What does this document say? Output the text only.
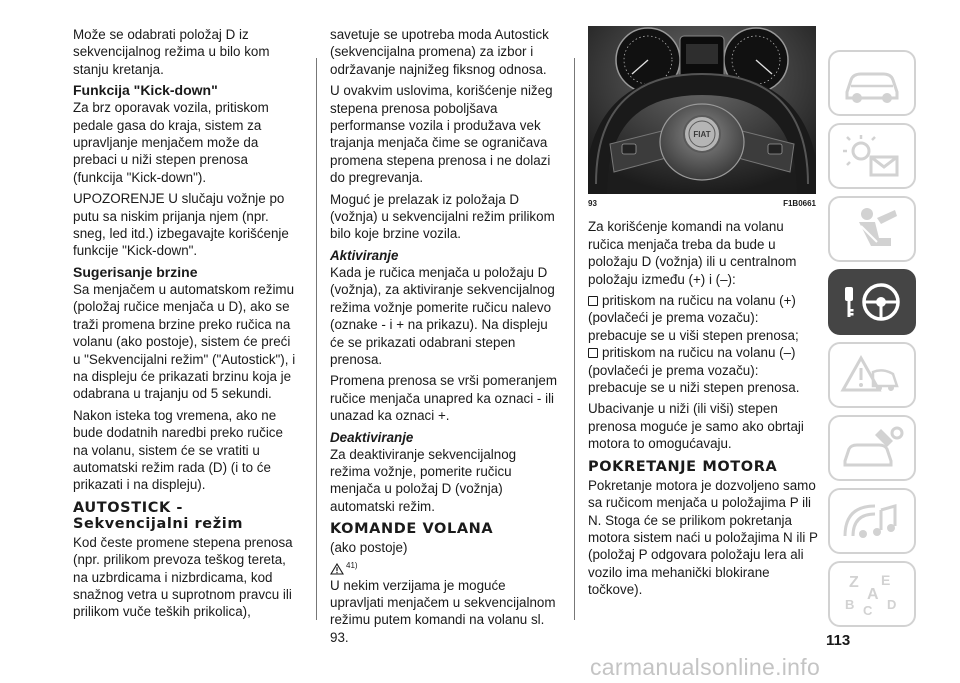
Može se odabrati položaj D iz sekvencijalnog režima u bilo kom stanju kretanja.

Funkcija "Kick-down"

Za brz oporavak vozila, pritiskom pedale gasa do kraja, sistem za upravljanje menjačem može da prebaci u niži stepen prenosa (funkcija "Kick-down").

UPOZORENJE U slučaju vožnje po putu sa niskim prijanja njem (npr. sneg, led itd.) izbegavajte korišćenje funkcije "Kick-down".

Sugerisanje brzine

Sa menjačem u automatskom režimu (položaj ručice menjača u D), ako se traži promena brzine preko ručica na volanu (ako postoje), sistem će preći u "Sekvencijalni režim" ("Autostick"), i na displeju će prikazati brzinu koja je odabrana u trajanju od 5 sekundi.

Nakon isteka tog vremena, ako ne bude dodatnih naredbi preko ručice na volanu, sistem će se vratiti u automatski režim rada (D) (i to će prikazati i na displeju).

AUTOSTICK -
Sekvencijalni režim

Kod česte promene stepena prenosa (npr. prilikom prevoza teškog tereta, na uzbrdicama i nizbrdicama, kod snažnog vetra u suprotnom pravcu ili prilikom vuče teških prikolica),

savetuje se upotreba moda Autostick (sekvencijalna promena) za izbor i održavanje najnižeg fiksnog odnosa.

U ovakvim uslovima, korišćenje nižeg stepena prenosa poboljšava performanse vozila i produžava vek trajanja menjača čime se ograničava promena stepena prenosa i ne dolazi do pregrevanja.

Moguć je prelazak iz položaja D (vožnja) u sekvencijalni režim prilikom bilo koje brzine vozila.

Aktiviranje

Kada je ručica menjača u položaju D (vožnja), za aktiviranje sekvencijalnog režima vožnje pomerite ručicu nalevo (oznake - i + na prikazu). Na displeju će se prikazati odabrani stepen prenosa.

Promena prenosa se vrši pomeranjem ručice menjača unapred ka oznaci - ili unazad ka oznaci +.

Deaktiviranje

Za deaktiviranje sekvencijalnog režima vožnje, pomerite ručicu menjača u položaj D (vožnja) automatski režim.

KOMANDE VOLANA

(ako postoje)

41)

U nekim verzijama je moguće upravljati menjačem u sekvencijalnom režimu putem komandi na volanu sl. 93.

FIAT
93	F1B0661

Za korišćenje komandi na volanu ručica menjača treba da bude u položaju D (vožnja) ili u centralnom položaju između (+) i (–):

pritiskom na ručicu na volanu (+) (povlačeći je prema vozaču): prebacuje se u viši stepen prenosa;
pritiskom na ručicu na volanu (–) (povlačeći je prema vozaču): prebacuje se u niži stepen prenosa.

Ubacivanje u niži (ili viši) stepen prenosa moguće je samo ako obrtaji motora to omogućavaju.

POKRETANJE MOTORA

Pokretanje motora je dozvoljeno samo sa ručicom menjača u položajima P ili N. Stoga će se prilikom pokretanja motora sistem naći u položajima N ili P (položaj P odgovara položaju lera ali vozilo ima mehanički blokirane točkove).

113
carmanualsonline.info
Z E
A
B C D
